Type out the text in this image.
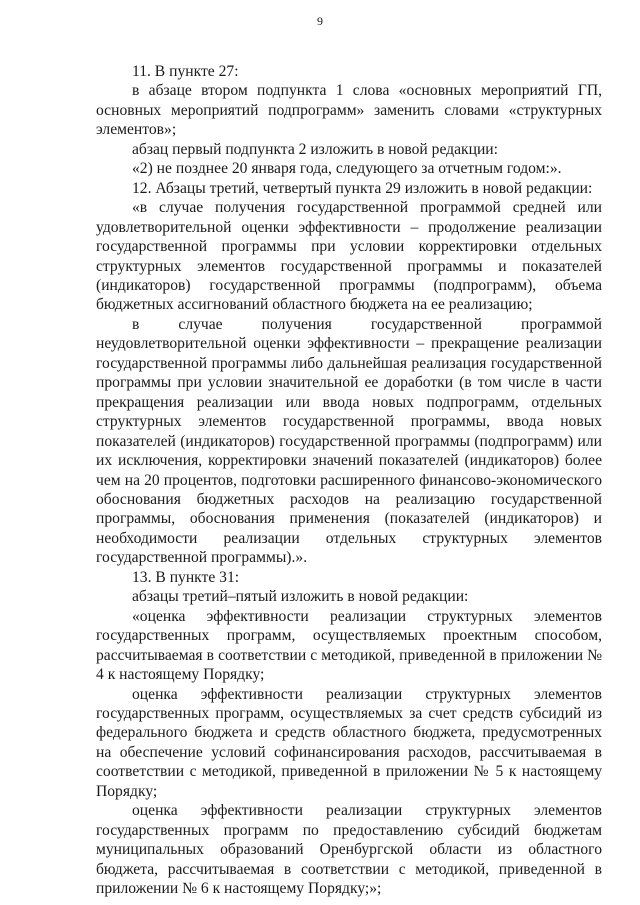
9

11. В пункте 27:

в абзаце втором подпункта 1 слова «основных мероприятий ГП, основных мероприятий подпрограмм» заменить словами «структурных элементов»;

абзац первый подпункта 2 изложить в новой редакции:

«2) не позднее 20 января года, следующего за отчетным годом:».

12. Абзацы третий, четвертый пункта 29 изложить в новой редакции:

«в случае получения государственной программой средней или удовлетворительной оценки эффективности – продолжение реализации государственной программы при условии корректировки отдельных структурных элементов государственной программы и показателей (индикаторов) государственной программы (подпрограмм), объема бюджетных ассигнований областного бюджета на ее реализацию;

в случае получения государственной программой неудовлетворительной оценки эффективности – прекращение реализации государственной программы либо дальнейшая реализация государственной программы при условии значительной ее доработки (в том числе в части прекращения реализации или ввода новых подпрограмм, отдельных структурных элементов государственной программы, ввода новых показателей (индикаторов) государственной программы (подпрограмм) или их исключения, корректировки значений показателей (индикаторов) более чем на 20 процентов, подготовки расширенного финансово-экономического обоснования бюджетных расходов на реализацию государственной программы, обоснования применения (показателей (индикаторов) и необходимости реализации отдельных структурных элементов государственной программы).».

13. В пункте 31:

абзацы третий–пятый изложить в новой редакции:

«оценка эффективности реализации структурных элементов государственных программ, осуществляемых проектным способом, рассчитываемая в соответствии с методикой, приведенной в приложении № 4 к настоящему Порядку;

оценка эффективности реализации структурных элементов государственных программ, осуществляемых за счет средств субсидий из федерального бюджета и средств областного бюджета, предусмотренных на обеспечение условий софинансирования расходов, рассчитываемая в соответствии с методикой, приведенной в приложении № 5 к настоящему Порядку;

оценка эффективности реализации структурных элементов государственных программ по предоставлению субсидий бюджетам муниципальных образований Оренбургской области из областного бюджета, рассчитываемая в соответствии с методикой, приведенной в приложении № 6 к настоящему Порядку;»;
